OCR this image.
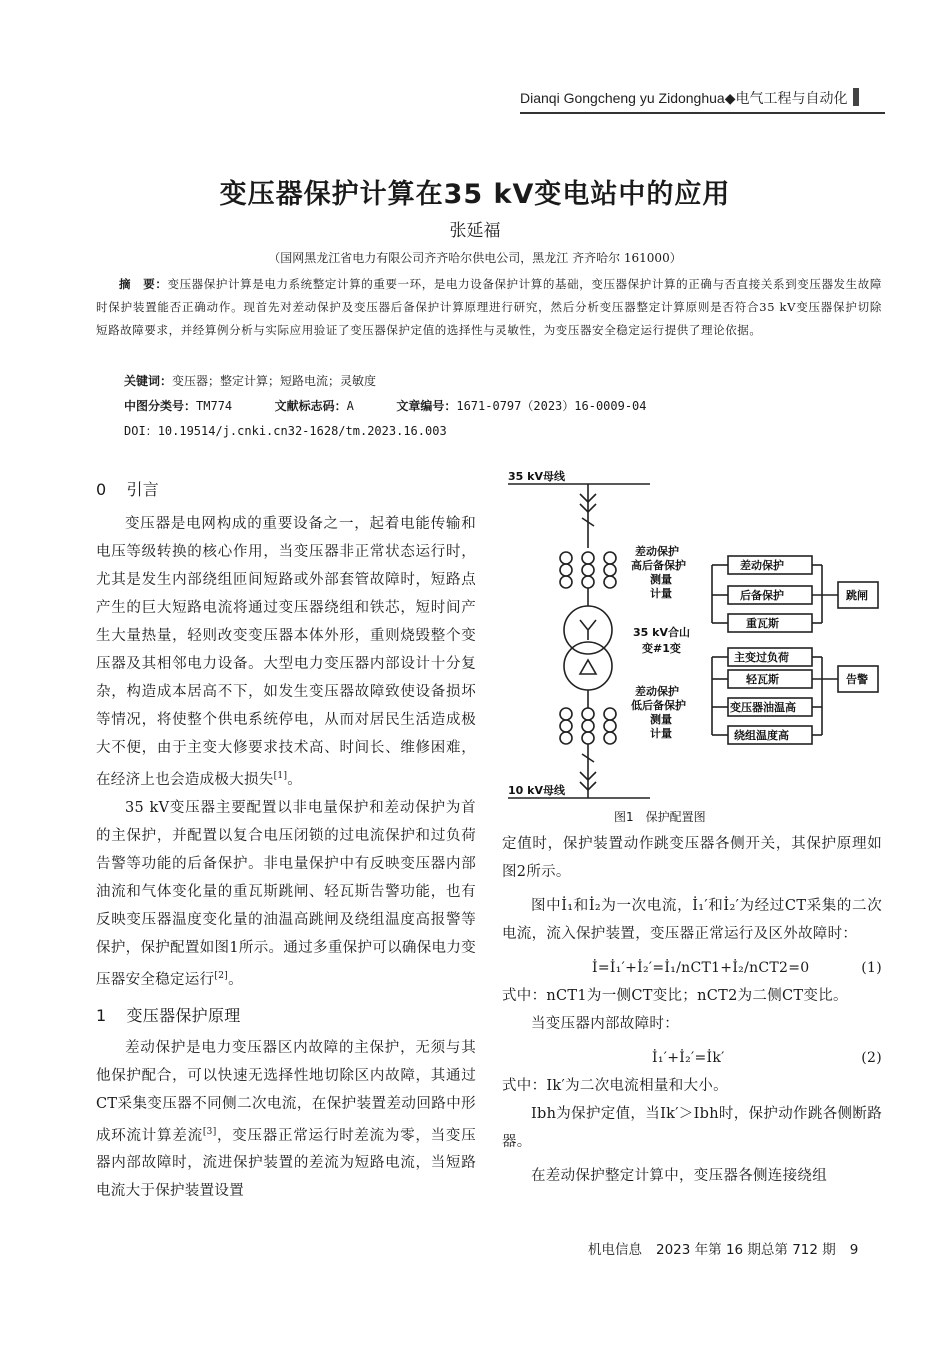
Dianqi Gongcheng yu Zidonghua◆电气工程与自动化
变压器保护计算在35 kV变电站中的应用
张延福
（国网黑龙江省电力有限公司齐齐哈尔供电公司，黑龙江 齐齐哈尔 161000）
摘　要：变压器保护计算是电力系统整定计算的重要一环，是电力设备保护计算的基础，变压器保护计算的正确与否直接关系到变压器发生故障时保护装置能否正确动作。现首先对差动保护及变压器后备保护计算原理进行研究，然后分析变压器整定计算原则是否符合35 kV变压器保护切除短路故障要求，并经算例分析与实际应用验证了变压器保护定值的选择性与灵敏性，为变压器安全稳定运行提供了理论依据。
关键词：变压器；整定计算；短路电流；灵敏度
中图分类号：TM774	文献标志码：A	文章编号：1671-0797（2023）16-0009-04
DOI：10.19514/j.cnki.cn32-1628/tm.2023.16.003
0 引言

变压器是电网构成的重要设备之一，起着电能传输和电压等级转换的核心作用，当变压器非正常状态运行时，尤其是发生内部绕组匝间短路或外部套管故障时，短路点产生的巨大短路电流将通过变压器绕组和铁芯，短时间产生大量热量，轻则改变变压器本体外形，重则烧毁整个变压器及其相邻电力设备。大型电力变压器内部设计十分复杂，构造成本居高不下，如发生变压器故障致使设备损坏等情况，将使整个供电系统停电，从而对居民生活造成极大不便，由于主变大修要求技术高、时间长、维修困难，在经济上也会造成极大损失[1]。

35 kV变压器主要配置以非电量保护和差动保护为首的主保护，并配置以复合电压闭锁的过电流保护和过负荷告警等功能的后备保护。非电量保护中有反映变压器内部油流和气体变化量的重瓦斯跳闸、轻瓦斯告警功能，也有反映变压器温度变化量的油温高跳闸及绕组温度高报警等保护，保护配置如图1所示。通过多重保护可以确保电力变压器安全稳定运行[2]。

1 变压器保护原理

差动保护是电力变压器区内故障的主保护，无须与其他保护配合，可以快速无选择性地切除区内故障，其通过CT采集变压器不同侧二次电流，在保护装置差动回路中形成环流计算差流[3]，变压器正常运行时差流为零，当变压器内部故障时，流进保护装置的差流为短路电流，当短路电流大于保护装置设置

35 kV母线
10 kV母线
差动保护
高后备保护
测量
计量
35 kV合山
变#1变
差动保护
低后备保护
测量
计量
差动保护
后备保护
重瓦斯
跳闸
主变过负荷
轻瓦斯
变压器油温高
绕组温度高
告警
图1　保护配置图
定值时，保护装置动作跳变压器各侧开关，其保护原理如图2所示。

图中İ₁和İ₂为一次电流，İ₁′和İ₂′为经过CT采集的二次电流，流入保护装置，变压器正常运行及区外故障时：

İ=İ₁′+İ₂′=İ₁/nCT1+İ₂/nCT2=0	(1)
式中：nCT1为一侧CT变比；nCT2为二侧CT变比。

当变压器内部故障时：

İ₁′+İ₂′=İk′	(2)
式中：Ik′为二次电流相量和大小。

Ibh为保护定值，当Ik′＞Ibh时，保护动作跳各侧断路器。

在差动保护整定计算中，变压器各侧连接绕组

机电信息 2023 年第 16 期总第 712 期 9
